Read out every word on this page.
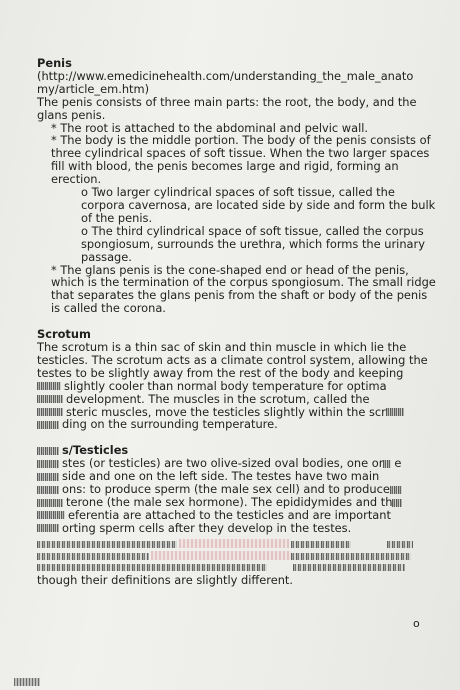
Penis

(http://www.emedicinehealth.com/understanding_the_male_anato

my/article_em.htm)

The penis consists of three main parts: the root, the body, and the glans penis.

* The root is attached to the abdominal and pelvic wall.

* The body is the middle portion. The body of the penis consists of three cylindrical spaces of soft tissue. When the two larger spaces fill with blood, the penis becomes large and rigid, forming an erection.

o Two larger cylindrical spaces of soft tissue, called the corpora cavernosa, are located side by side and form the bulk of the penis.

o The third cylindrical space of soft tissue, called the corpus spongiosum, surrounds the urethra, which forms the urinary passage.

* The glans penis is the cone-shaped end or head of the penis, which is the termination of the corpus spongiosum. The small ridge that separates the glans penis from the shaft or body of the penis is called the corona.

Scrotum

The scrotum is a thin sac of skin and thin muscle in which lie the

testicles. The scrotum acts as a climate control system, allowing the

testes to be slightly away from the rest of the body and keeping

slightly cooler than normal body temperature for optima

development. The muscles in the scrotum, called the

steric muscles, move the testicles slightly within the scr

ding on the surrounding temperature.

s/Testicles

stes (or testicles) are two olive-sized oval bodies, one or e

side and one on the left side. The testes have two main

ons: to produce sperm (the male sex cell) and to produce

terone (the male sex hormone). The epididymides and th

eferentia are attached to the testicles and are important

orting sperm cells after they develop in the testes.

though their definitions are slightly different.

o
